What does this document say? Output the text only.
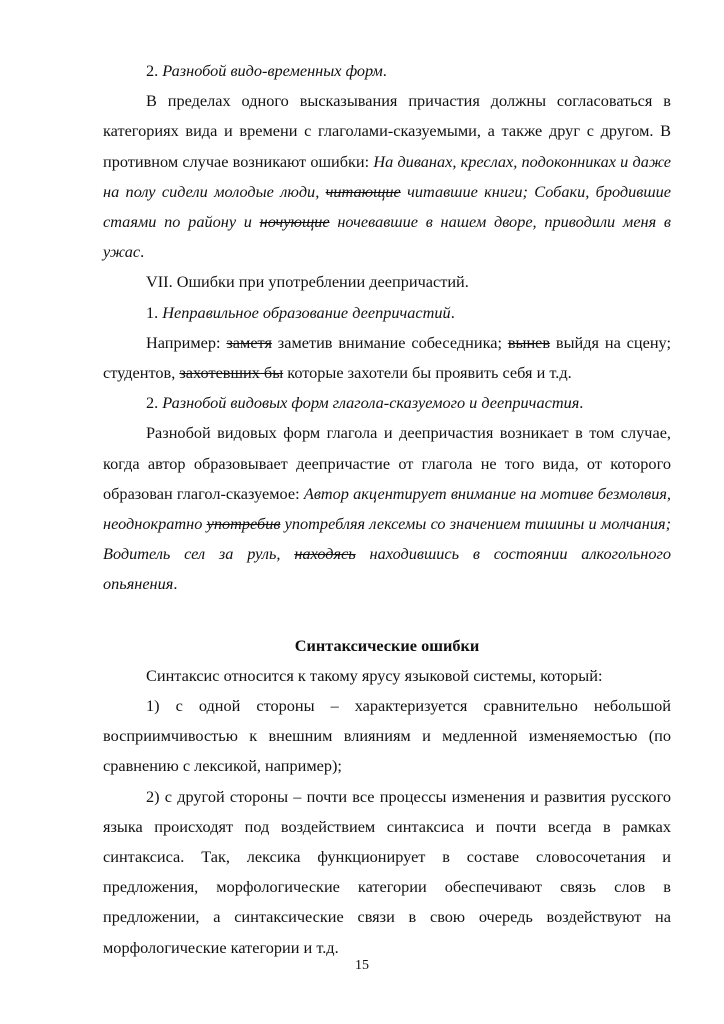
2. Разнобой видо-временных форм.

В пределах одного высказывания причастия должны согласоваться в категориях вида и времени с глаголами-сказуемыми, а также друг с другом. В противном случае возникают ошибки: На диванах, креслах, подоконниках и даже на полу сидели молодые люди, читающие читавшие книги; Собаки, бродившие стаями по району и ночующие ночевавшие в нашем дворе, приводили меня в ужас.

VII. Ошибки при употреблении деепричастий.

1. Неправильное образование деепричастий.

Например: заметя заметив внимание собеседника; вынев выйдя на сцену; студентов, захотевших бы которые захотели бы проявить себя и т.д.

2. Разнобой видовых форм глагола-сказуемого и деепричастия.

Разнобой видовых форм глагола и деепричастия возникает в том случае, когда автор образовывает деепричастие от глагола не того вида, от которого образован глагол-сказуемое: Автор акцентирует внимание на мотиве безмолвия, неоднократно употребив употребляя лексемы со значением тишины и молчания; Водитель сел за руль, находясь находившись в состоянии алкогольного опьянения.

Синтаксические ошибки

Синтаксис относится к такому ярусу языковой системы, который:

1) с одной стороны – характеризуется сравнительно небольшой восприимчивостью к внешним влияниям и медленной изменяемостью (по сравнению с лексикой, например);

2) с другой стороны – почти все процессы изменения и развития русского языка происходят под воздействием синтаксиса и почти всегда в рамках синтаксиса. Так, лексика функционирует в составе словосочетания и предложения, морфологические категории обеспечивают связь слов в предложении, а синтаксические связи в свою очередь воздействуют на морфологические категории и т.д.

15
